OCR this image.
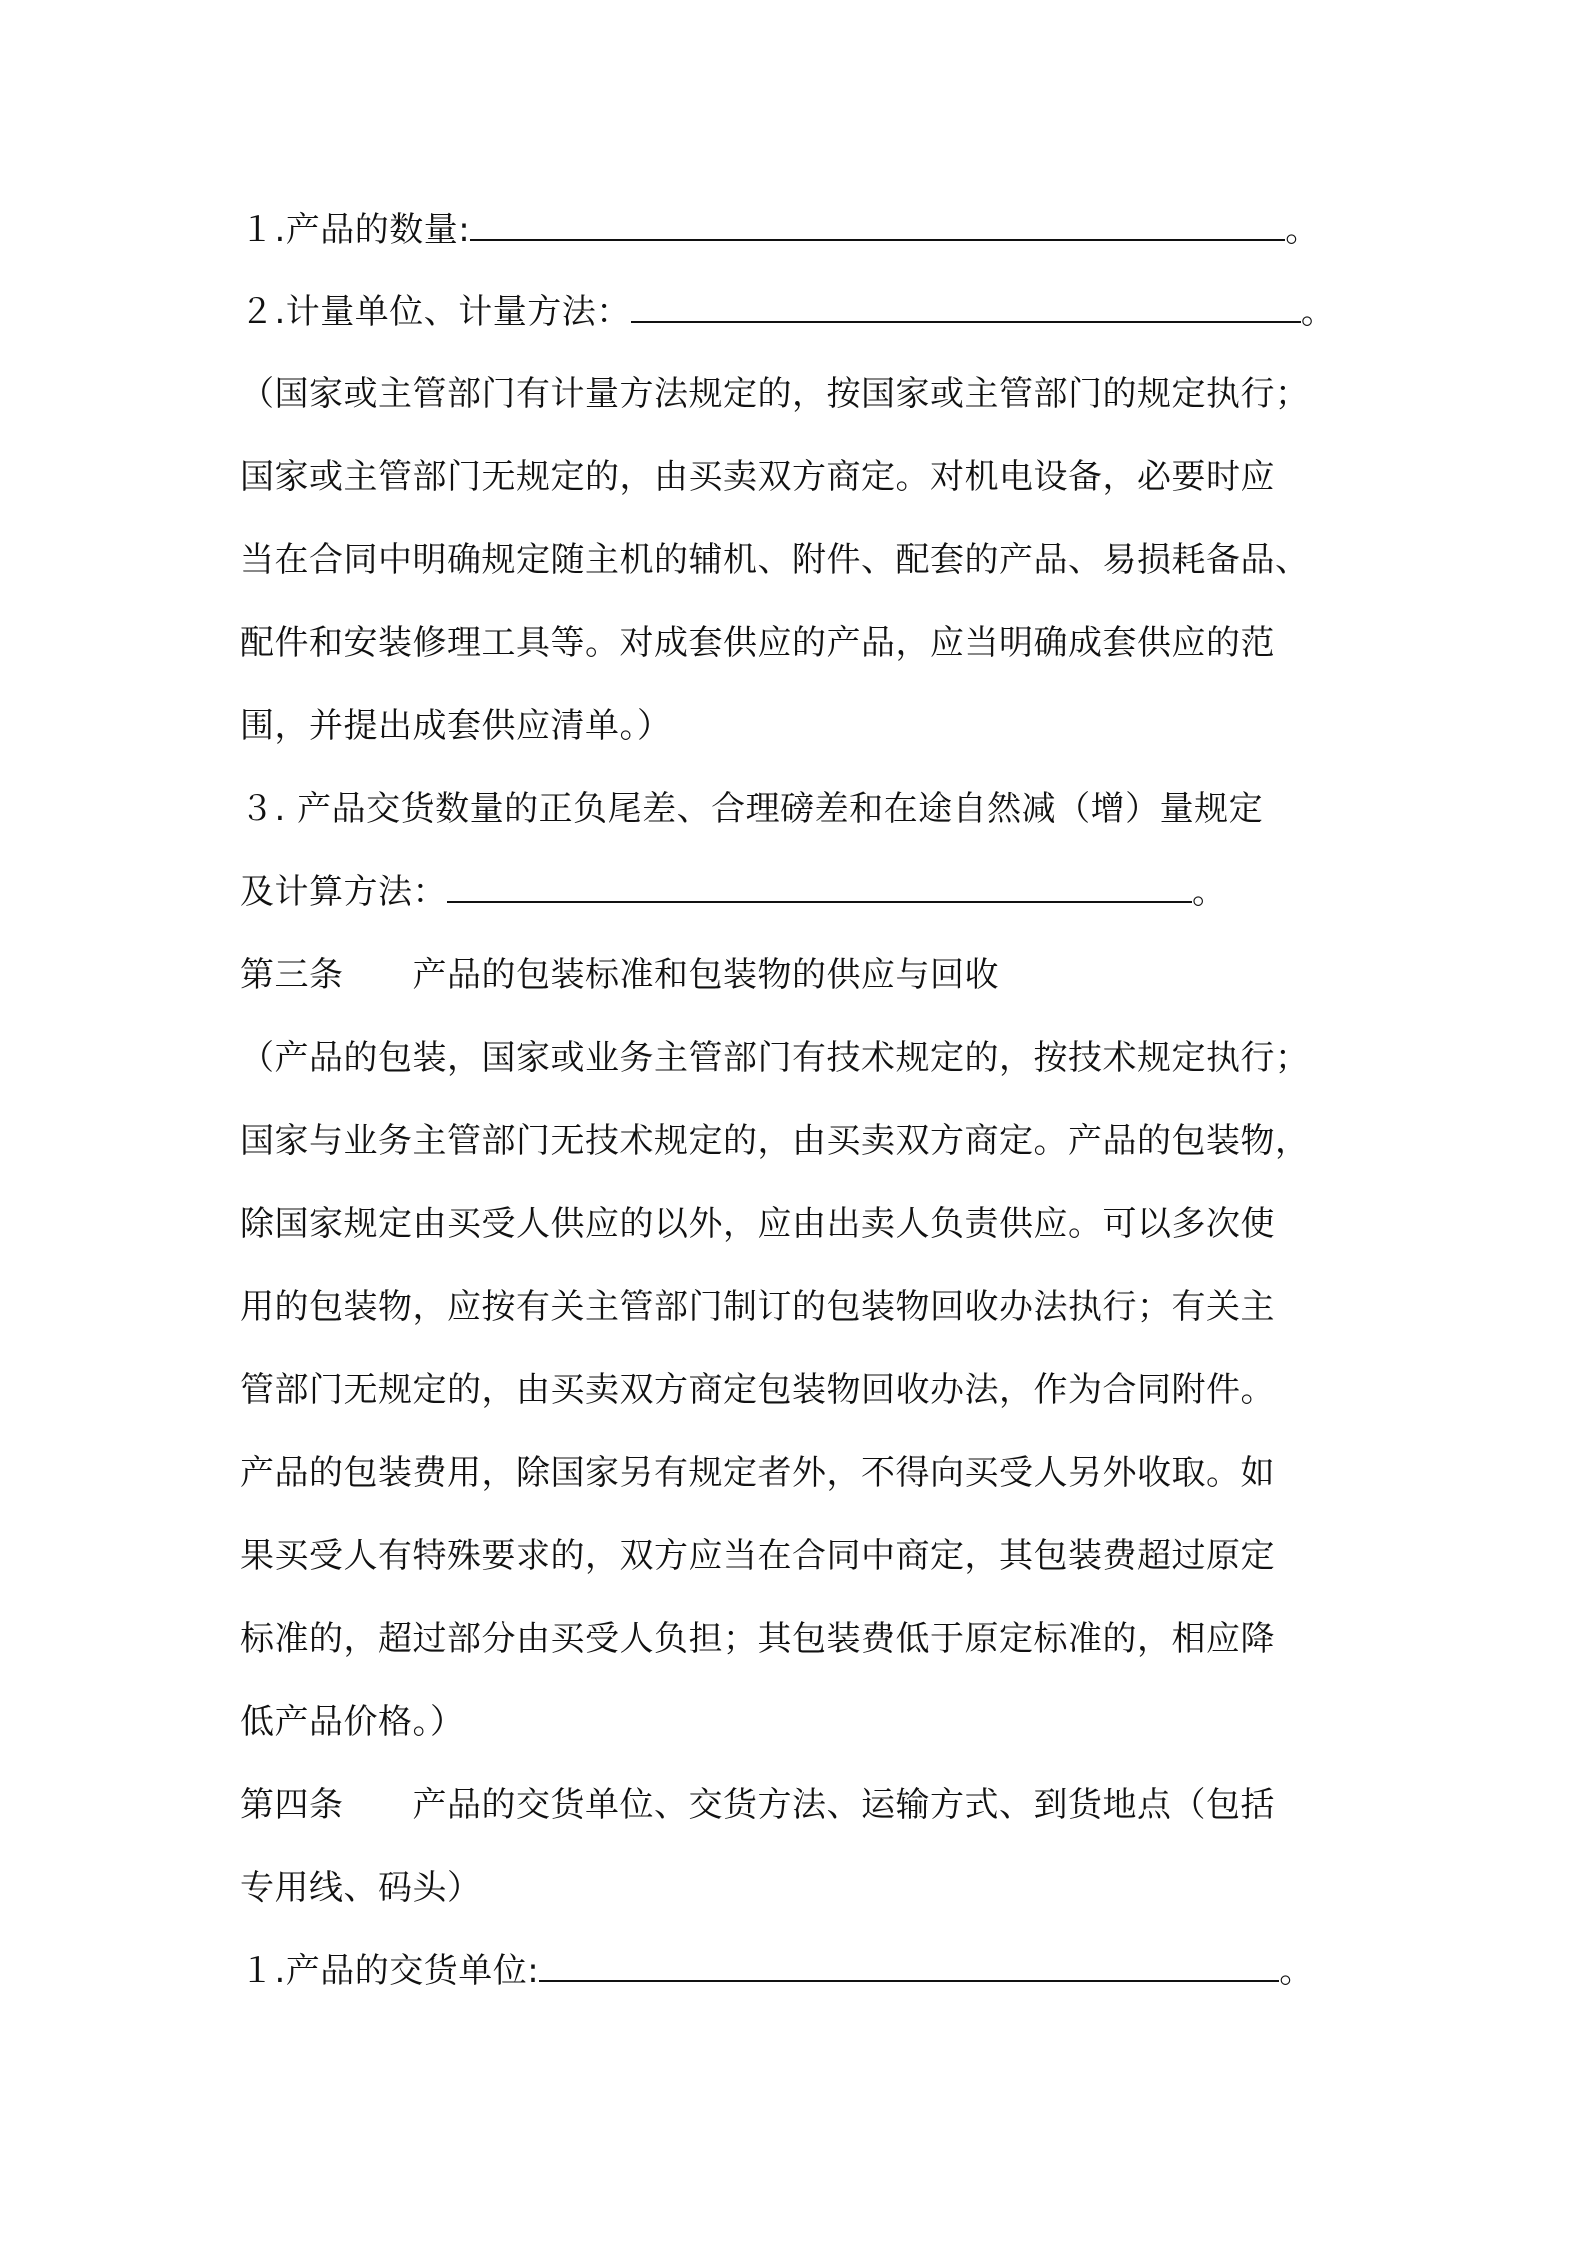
１.产品的数量:	。
２.计量单位、计量方法：	。
（国家或主管部门有计量方法规定的，按国家或主管部门的规定执行；
国家或主管部门无规定的，由买卖双方商定。对机电设备，必要时应
当在合同中明确规定随主机的辅机、附件、配套的产品、易损耗备品、
配件和安装修理工具等。对成套供应的产品，应当明确成套供应的范
围，并提出成套供应清单。）
３. 产品交货数量的正负尾差、合理磅差和在途自然减（增）量规定
及计算方法：	。
第三条　　产品的包装标准和包装物的供应与回收
（产品的包装，国家或业务主管部门有技术规定的，按技术规定执行；
国家与业务主管部门无技术规定的，由买卖双方商定。产品的包装物，
除国家规定由买受人供应的以外，应由出卖人负责供应。可以多次使
用的包装物，应按有关主管部门制订的包装物回收办法执行；有关主
管部门无规定的，由买卖双方商定包装物回收办法，作为合同附件。
产品的包装费用，除国家另有规定者外，不得向买受人另外收取。如
果买受人有特殊要求的，双方应当在合同中商定，其包装费超过原定
标准的，超过部分由买受人负担；其包装费低于原定标准的，相应降
低产品价格。）
第四条　　产品的交货单位、交货方法、运输方式、到货地点（包括
专用线、码头）
１.产品的交货单位:	。
